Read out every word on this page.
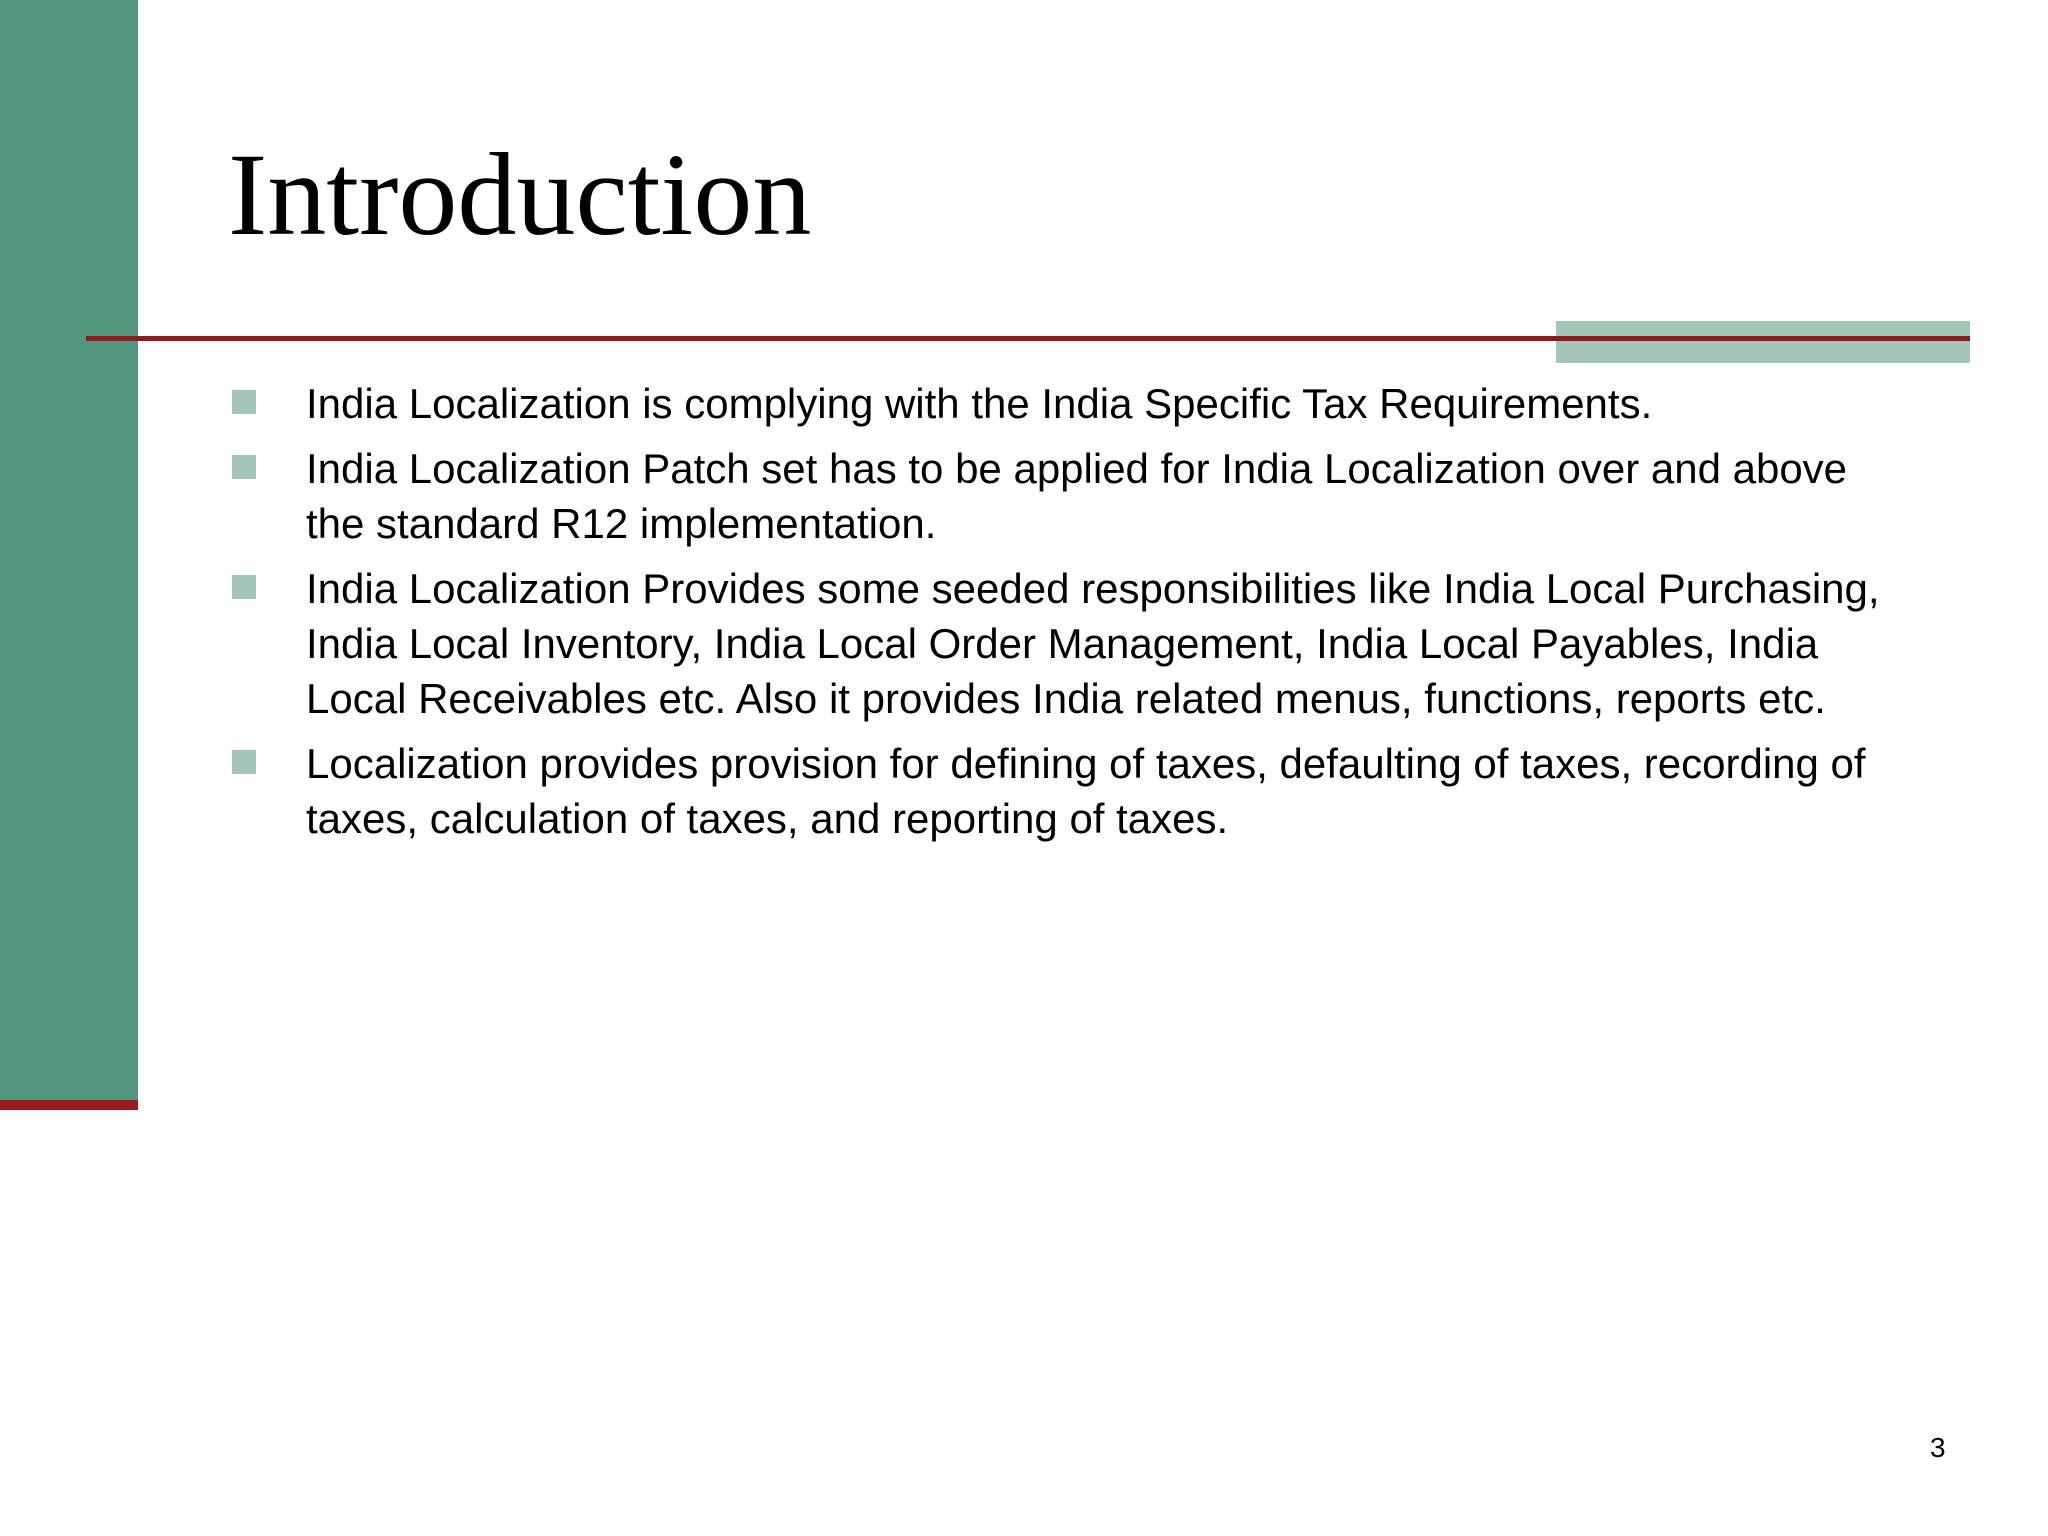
Introduction
India Localization is complying with the India Specific Tax Requirements.
India Localization Patch set has to be applied for India Localization over and above the standard R12 implementation.
India Localization Provides some seeded responsibilities like India Local Purchasing, India Local Inventory, India Local Order Management, India Local Payables, India Local Receivables etc. Also it provides India related menus, functions, reports etc.
Localization provides provision for defining of taxes, defaulting of taxes, recording of taxes, calculation of taxes, and reporting of taxes.
3
